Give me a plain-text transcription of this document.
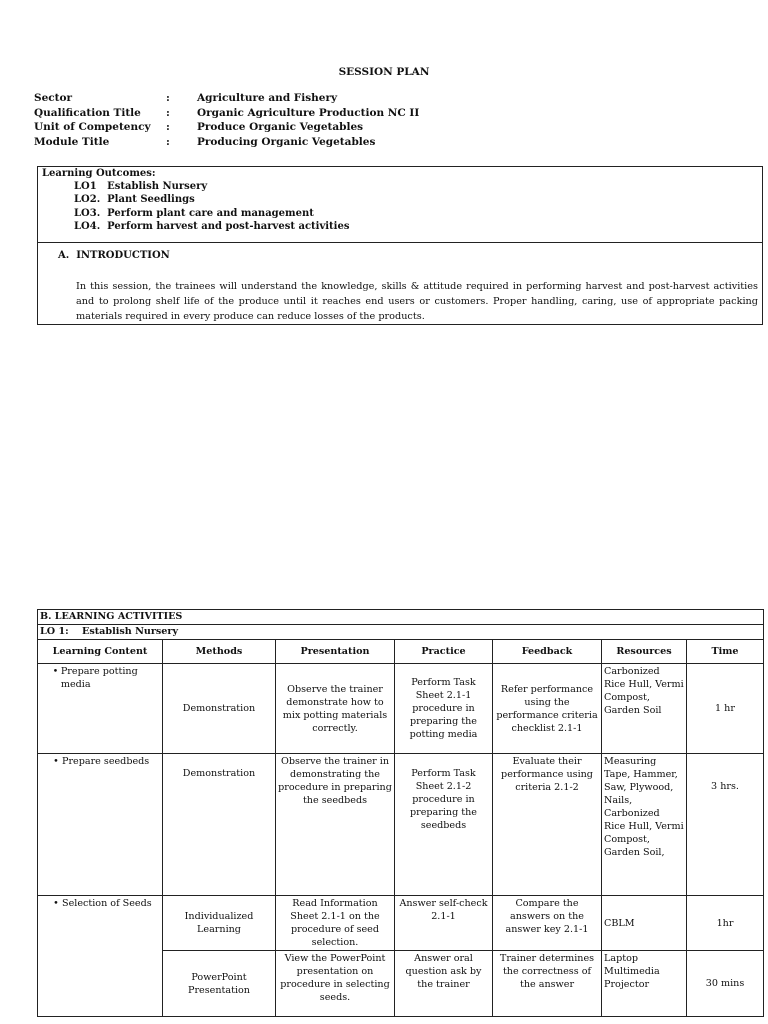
SESSION PLAN
Sector	:	Agriculture and Fishery
Qualification Title	:	Organic Agriculture Production NC II
Unit of Competency	:	Produce Organic Vegetables
Module Title	:	Producing Organic Vegetables
Learning Outcomes:
LO1   Establish Nursery
LO2.  Plant Seedlings
LO3.  Perform plant care and management
LO4.  Perform harvest and post-harvest activities
A.  INTRODUCTION
In this session, the trainees will understand the knowledge, skills & attitude required in performing harvest and post-harvest activities and to prolong shelf life of the produce until it reaches end users or customers. Proper handling, caring, use of appropriate packing materials required in every produce can reduce losses of the products.
B. LEARNING ACTIVITIES						
LO 1:    Establish Nursery						
Learning Content	Methods	Presentation	Practice	Feedback	Resources	Time

• Prepare potting media	Demonstration	Observe the trainer demonstrate how to mix potting materials correctly.	Perform Task Sheet 2.1-1 procedure in preparing the potting media	Refer performance using the performance criteria checklist 2.1-1	Carbonized Rice Hull, Vermi Compost, Garden Soil	1 hr

• Prepare seedbeds	Demonstration	Observe the trainer in demonstrating the procedure in preparing the seedbeds	Perform Task Sheet 2.1-2 procedure in preparing the seedbeds	Evaluate their performance using criteria 2.1-2	Measuring Tape, Hammer, Saw, Plywood, Nails, Carbonized Rice Hull, Vermi Compost, Garden Soil,	3 hrs.

• Selection of Seeds	Individualized Learning	Read Information Sheet 2.1-1 on the procedure of seed selection.	Answer self-check 2.1-1	Compare the answers on the answer key 2.1-1	CBLM	1hr
	PowerPoint Presentation	View the PowerPoint presentation on procedure in selecting seeds.	Answer oral question ask by the trainer	Trainer determines the correctness of the answer	Laptop Multimedia Projector	30 mins
